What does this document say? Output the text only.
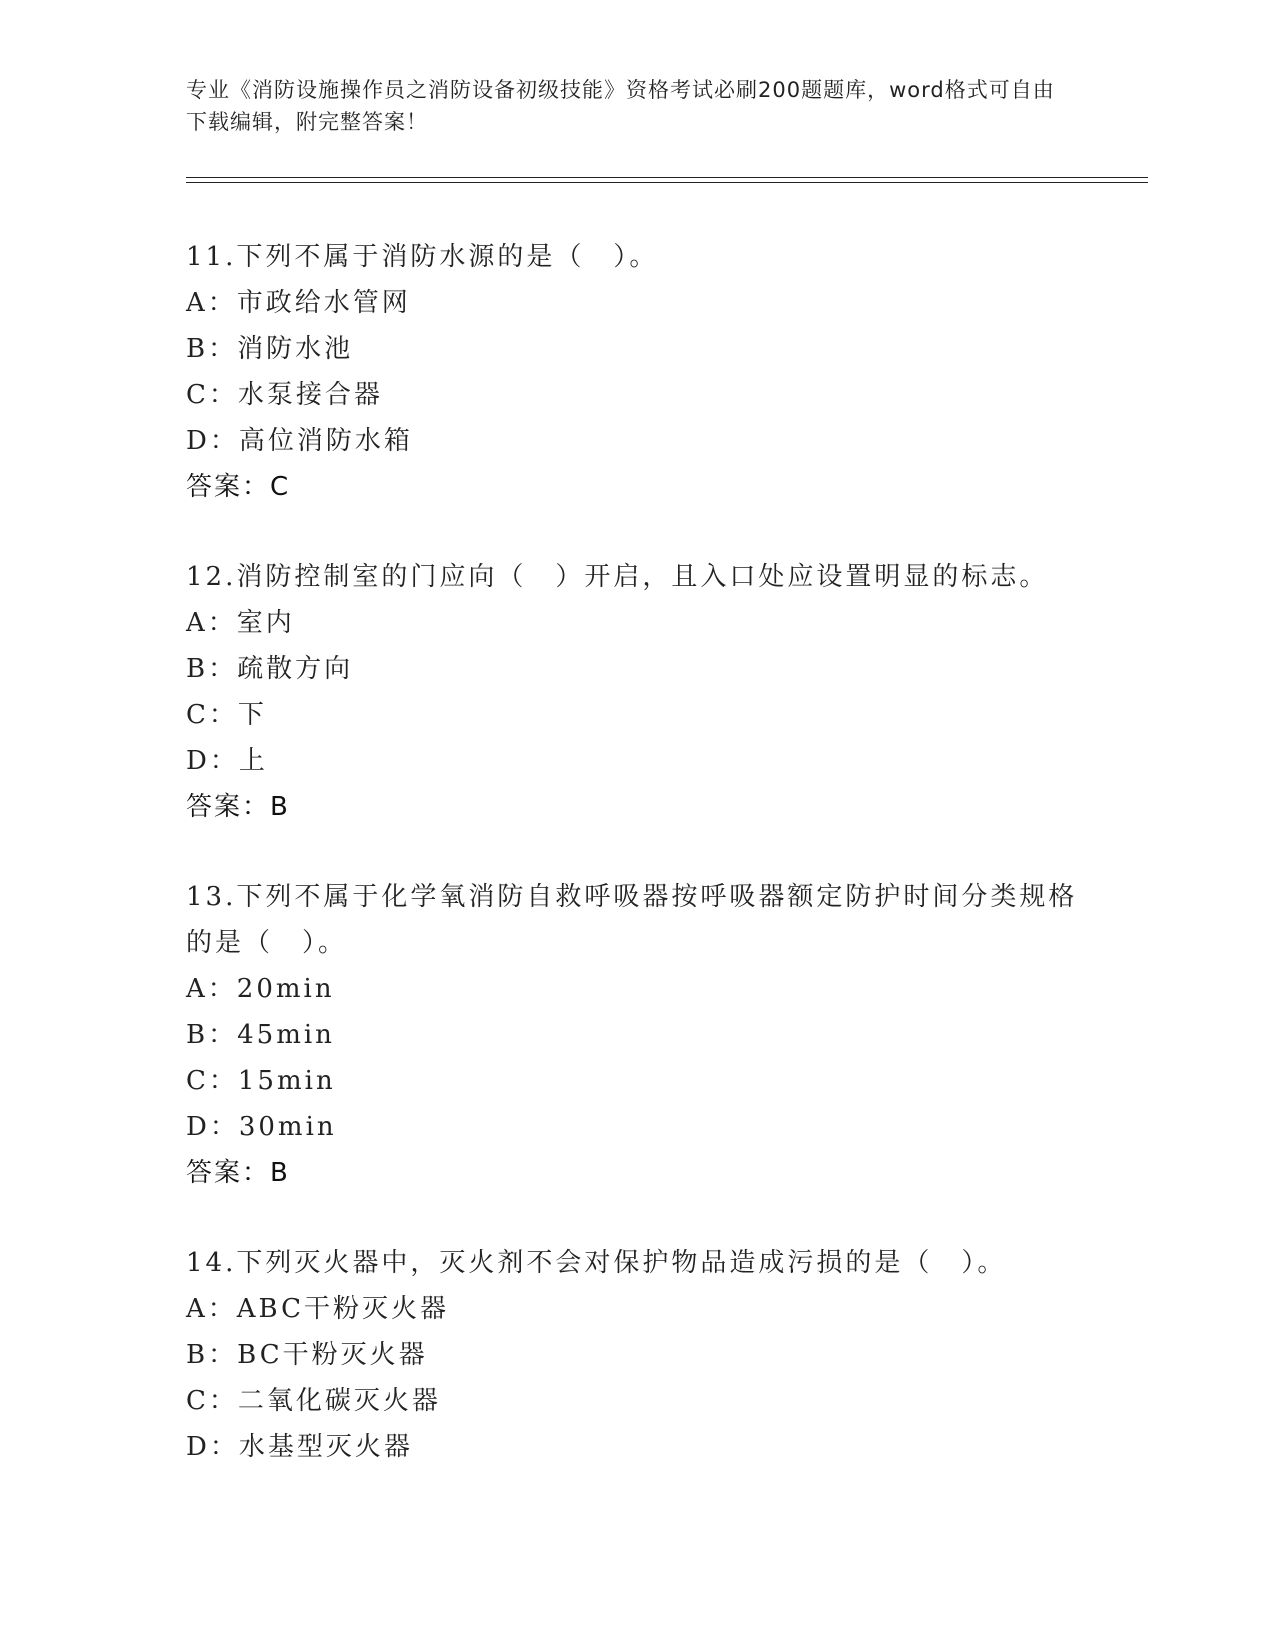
专业《消防设施操作员之消防设备初级技能》资格考试必刷200题题库，word格式可自由下载编辑，附完整答案！
11.下列不属于消防水源的是（　）。
A：市政给水管网
B：消防水池
C：水泵接合器
D：高位消防水箱
答案：C
12.消防控制室的门应向（　）开启，且入口处应设置明显的标志。
A：室内
B：疏散方向
C：下
D：上
答案：B
13.下列不属于化学氧消防自救呼吸器按呼吸器额定防护时间分类规格的是（　）。
A：20min
B：45min
C：15min
D：30min
答案：B
14.下列灭火器中，灭火剂不会对保护物品造成污损的是（　）。
A：ABC干粉灭火器
B：BC干粉灭火器
C：二氧化碳灭火器
D：水基型灭火器
